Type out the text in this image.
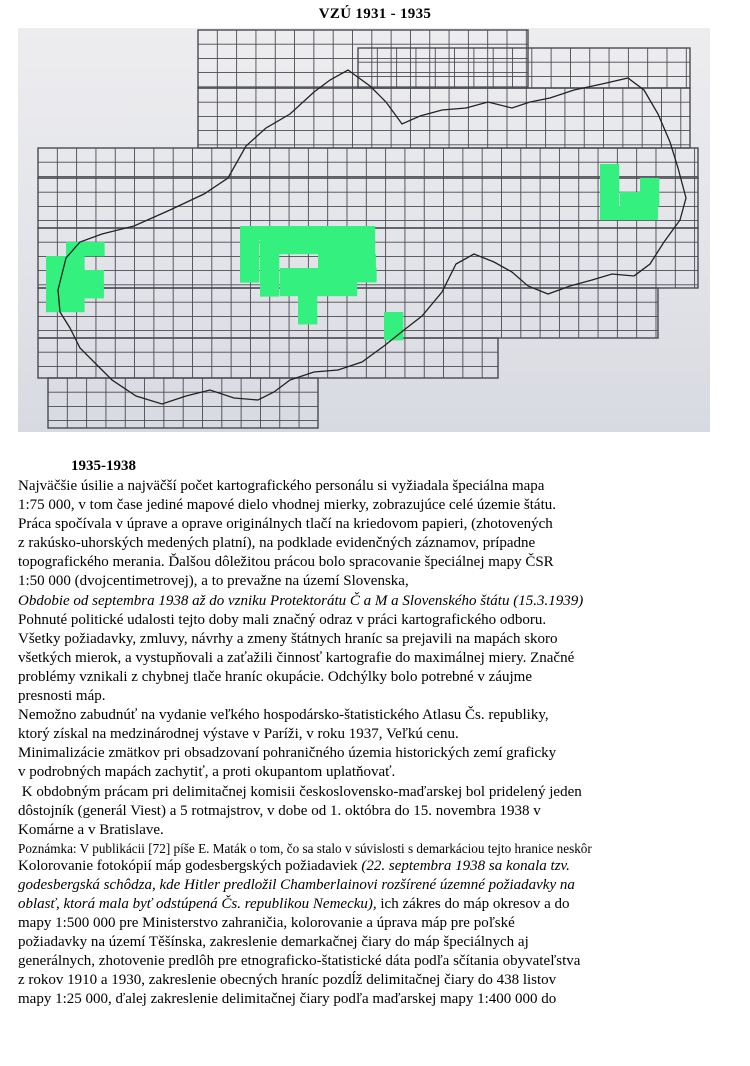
VZÚ 1931 - 1935
1935-1938
Najväčšie úsilie a najväčší počet kartografického personálu si vyžiadala špeciálna mapa
1:75 000, v tom čase jediné mapové dielo vhodnej mierky, zobrazujúce celé územie štátu.
Práca spočívala v úprave a oprave originálnych tlačí na kriedovom papieri, (zhotovených
z rakúsko-uhorských medených platní), na podklade evidenčných záznamov, prípadne
topografického merania. Ďalšou dôležitou prácou bolo spracovanie špeciálnej mapy ČSR
1:50 000 (dvojcentimetrovej), a to prevažne na území Slovenska,
Obdobie od septembra 1938 až do vzniku Protektorátu Č a M a Slovenského štátu (15.3.1939)
Pohnuté politické udalosti tejto doby mali značný odraz v práci kartografického odboru.
Všetky požiadavky, zmluvy, návrhy a zmeny štátnych hraníc sa prejavili na mapách skoro
všetkých mierok, a vystupňovali a zaťažili činnosť kartografie do maximálnej miery. Značné
problémy vznikali z chybnej tlače hraníc okupácie. Odchýlky bolo potrebné v záujme
presnosti máp.
Nemožno zabudnúť na vydanie veľkého hospodársko-štatistického Atlasu Čs. republiky,
ktorý získal na medzinárodnej výstave v Paríži, v roku 1937, Veľkú cenu.
Minimalizácie zmätkov pri obsadzovaní pohraničného územia historických zemí graficky
v podrobných mapách zachytiť, a proti okupantom uplatňovať.
K obdobným prácam pri delimitačnej komisii československo-maďarskej bol pridelený jeden
dôstojník (generál Viest) a 5 rotmajstrov, v dobe od 1. októbra do 15. novembra 1938 v
Komárne a v Bratislave.
Poznámka: V publikácii [72] píše E. Maták o tom, čo sa stalo v súvislosti s demarkáciou tejto hranice neskôr
Kolorovanie fotokópií máp godesbergských požiadaviek (22. septembra 1938 sa konala tzv.
godesbergská schôdza, kde Hitler predložil Chamberlainovi rozšírené územné požiadavky na
oblasť, ktorá mala byť odstúpená Čs. republikou Nemecku), ich zákres do máp okresov a do
mapy 1:500 000 pre Ministerstvo zahraničia, kolorovanie a úprava máp pre poľské
požiadavky na území Těšínska, zakreslenie demarkačnej čiary do máp špeciálnych aj
generálnych, zhotovenie predlôh pre etnograficko-štatistické dáta podľa sčítania obyvateľstva
z rokov 1910 a 1930, zakreslenie obecných hraníc pozdĺž delimitačnej čiary do 438 listov
mapy 1:25 000, ďalej zakreslenie delimitačnej čiary podľa maďarskej mapy 1:400 000 do
